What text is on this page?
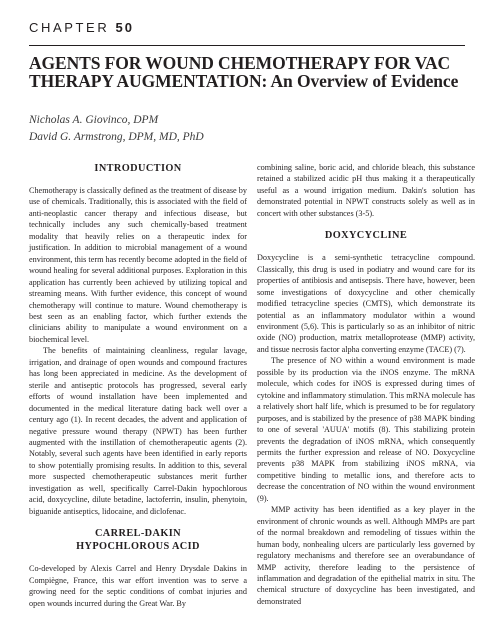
CHAPTER 50
AGENTS FOR WOUND CHEMOTHERAPY FOR VAC THERAPY AUGMENTATION: An Overview of Evidence
Nicholas A. Giovinco, DPM
David G. Armstrong, DPM, MD, PhD
INTRODUCTION

Chemotherapy is classically defined as the treatment of disease by use of chemicals. Traditionally, this is associated with the field of anti-neoplastic cancer therapy and infectious disease, but technically includes any such chemically-based treatment modality that heavily relies on a therapeutic index for justification. In addition to microbial management of a wound environment, this term has recently become adopted in the field of wound healing for several additional purposes. Exploration in this application has currently been achieved by utilizing topical and streaming means. With further evidence, this concept of wound chemotherapy will continue to mature. Wound chemotherapy is best seen as an enabling factor, which further extends the clinicians ability to manipulate a wound environment on a biochemical level.

The benefits of maintaining cleanliness, regular lavage, irrigation, and drainage of open wounds and compound fractures has long been appreciated in medicine. As the development of sterile and antiseptic protocols has progressed, several early efforts of wound installation have been implemented and documented in the medical literature dating back well over a century ago (1). In recent decades, the advent and application of negative pressure wound therapy (NPWT) has been further augmented with the instillation of chemotherapeutic agents (2). Notably, several such agents have been identified in early reports to show potentially promising results. In addition to this, several more suspected chemotherapeutic substances merit further investigation as well, specifically Carrel-Dakin hypochlorous acid, doxycycline, dilute betadine, lactoferrin, insulin, phenytoin, biguanide antiseptics, lidocaine, and diclofenac.

CARREL-DAKIN
HYPOCHLOROUS ACID

Co-developed by Alexis Carrel and Henry Drysdale Dakins in Compiègne, France, this war effort invention was to serve a growing need for the septic conditions of combat injuries and open wounds incurred during the Great War. By

combining saline, boric acid, and chloride bleach, this substance retained a stabilized acidic pH thus making it a therapeutically useful as a wound irrigation medium. Dakin's solution has demonstrated potential in NPWT constructs solely as well as in concert with other substances (3-5).

DOXYCYCLINE

Doxycycline is a semi-synthetic tetracycline compound. Classically, this drug is used in podiatry and wound care for its properties of antibiosis and antisepsis. There have, however, been some investigations of doxycycline and other chemically modified tetracycline species (CMTS), which demonstrate its potential as an inflammatory modulator within a wound environment (5,6). This is particularly so as an inhibitor of nitric oxide (NO) production, matrix metalloprotease (MMP) activity, and tissue necrosis factor alpha converting enzyme (TACE) (7).

The presence of NO within a wound environment is made possible by its production via the iNOS enzyme. The mRNA molecule, which codes for iNOS is expressed during times of cytokine and inflammatory stimulation. This mRNA molecule has a relatively short half life, which is presumed to be for regulatory purposes, and is stabilized by the presence of p38 MAPK binding to one of several 'AUUA' motifs (8). This stabilizing protein prevents the degradation of iNOS mRNA, which consequently permits the further expression and release of NO. Doxycycline prevents p38 MAPK from stabilizing iNOS mRNA, via competitive binding to metallic ions, and therefore acts to decrease the concentration of NO within the wound environment (9).

MMP activity has been identified as a key player in the environment of chronic wounds as well. Although MMPs are part of the normal breakdown and remodeling of tissues within the human body, nonhealing ulcers are particularly less governed by regulatory mechanisms and therefore see an overabundance of MMP activity, therefore leading to the persistence of inflammation and degradation of the epithelial matrix in situ. The chemical structure of doxycycline has been investigated, and demonstrated
